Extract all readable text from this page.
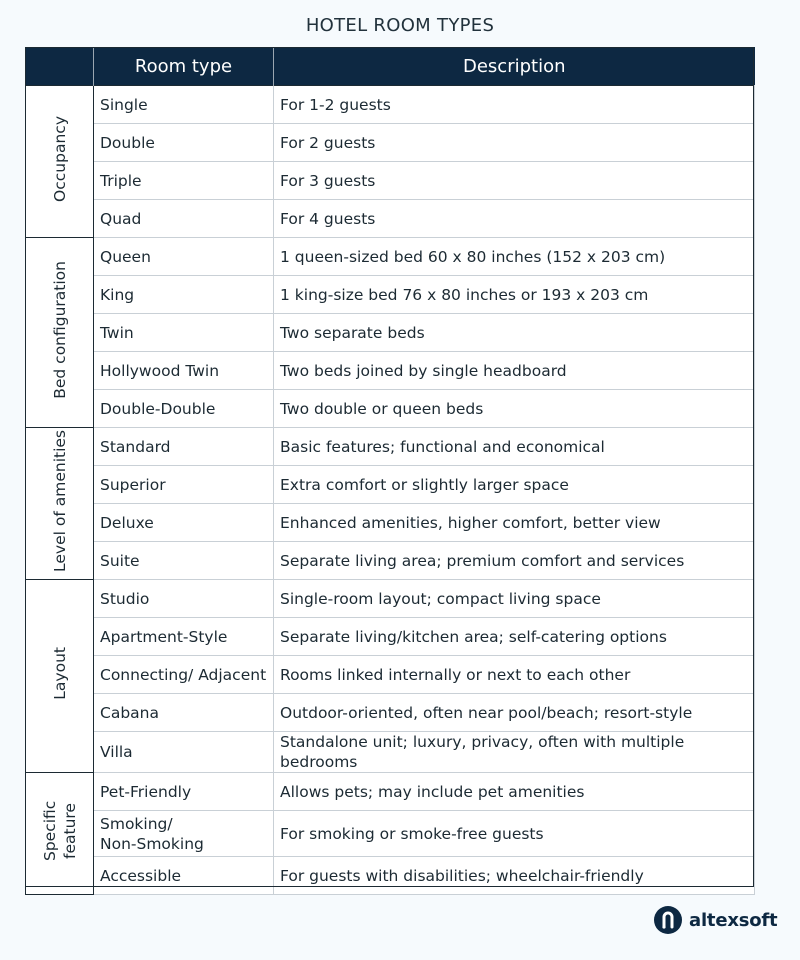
HOTEL ROOM TYPES
	Room type	Description
Occupancy	Single	For 1-2 guests
	Double	For 2 guests
	Triple	For 3 guests
	Quad	For 4 guests
Bed configuration	Queen	1 queen-sized bed 60 x 80 inches (152 x 203 cm)
	King	1 king-size bed 76 x 80 inches or 193 x 203 cm
	Twin	Two separate beds
	Hollywood Twin	Two beds joined by single headboard
	Double-Double	Two double or queen beds
Level of amenities	Standard	Basic features; functional and economical
	Superior	Extra comfort or slightly larger space
	Deluxe	Enhanced amenities, higher comfort, better view
	Suite	Separate living area; premium comfort and services
Layout	Studio	Single-room layout; compact living space
	Apartment-Style	Separate living/kitchen area; self-catering options
	Connecting/ Adjacent	Rooms linked internally or next to each other
	Cabana	Outdoor-oriented, often near pool/beach; resort-style
	Villa	Standalone unit; luxury, privacy, often with multiple bedrooms
Specific feature	Pet-Friendly	Allows pets; may include pet amenities
	Smoking/ Non-Smoking	For smoking or smoke-free guests
	Accessible	For guests with disabilities; wheelchair-friendly
altexsoft
